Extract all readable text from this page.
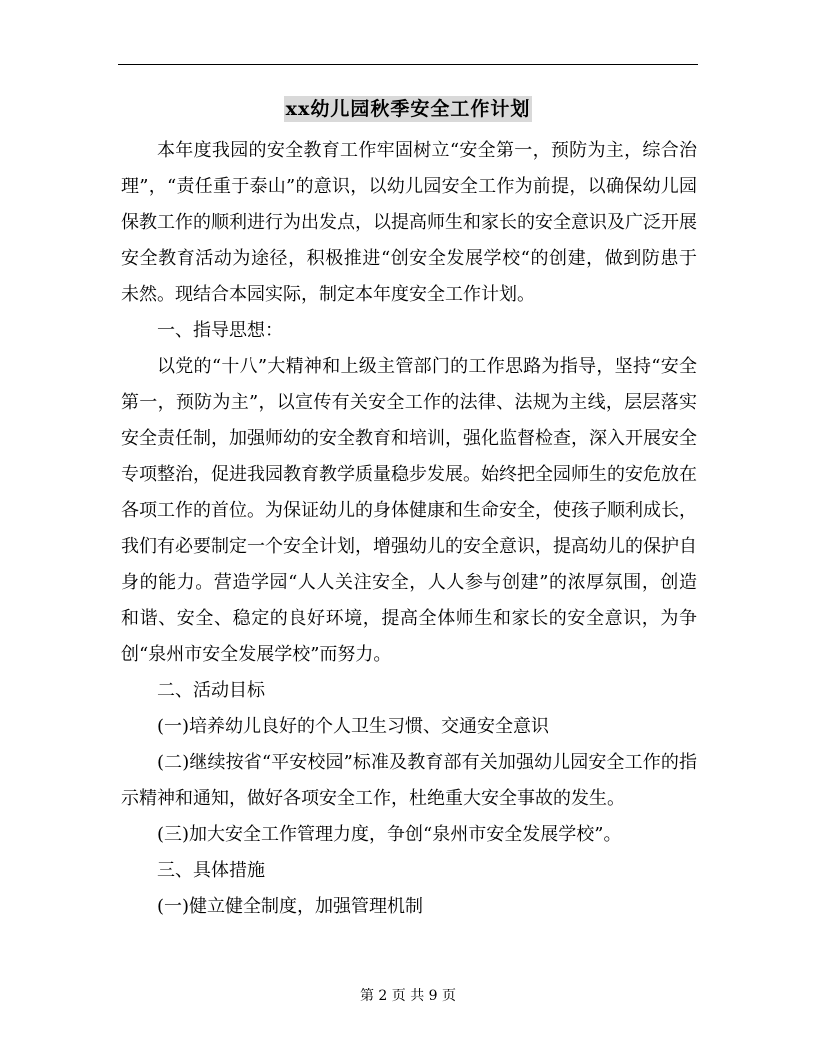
xx幼儿园秋季安全工作计划

本年度我园的安全教育工作牢固树立“安全第一，预防为主，综合治理”，“责任重于泰山”的意识，以幼儿园安全工作为前提，以确保幼儿园保教工作的顺利进行为出发点，以提高师生和家长的安全意识及广泛开展安全教育活动为途径，积极推进“创安全发展学校“的创建，做到防患于未然。现结合本园实际，制定本年度安全工作计划。

一、指导思想：

以党的“十八”大精神和上级主管部门的工作思路为指导，坚持“安全第一，预防为主”，以宣传有关安全工作的法律、法规为主线，层层落实安全责任制，加强师幼的安全教育和培训，强化监督检查，深入开展安全专项整治，促进我园教育教学质量稳步发展。始终把全园师生的安危放在各项工作的首位。为保证幼儿的身体健康和生命安全，使孩子顺利成长，我们有必要制定一个安全计划，增强幼儿的安全意识，提高幼儿的保护自身的能力。营造学园“人人关注安全，人人参与创建”的浓厚氛围，创造和谐、安全、稳定的良好环境，提高全体师生和家长的安全意识，为争创“泉州市安全发展学校”而努力。

二、活动目标

(一)培养幼儿良好的个人卫生习惯、交通安全意识

(二)继续按省“平安校园”标准及教育部有关加强幼儿园安全工作的指示精神和通知，做好各项安全工作，杜绝重大安全事故的发生。

(三)加大安全工作管理力度，争创“泉州市安全发展学校”。

三、具体措施

(一)健立健全制度，加强管理机制

第 2 页 共 9 页
